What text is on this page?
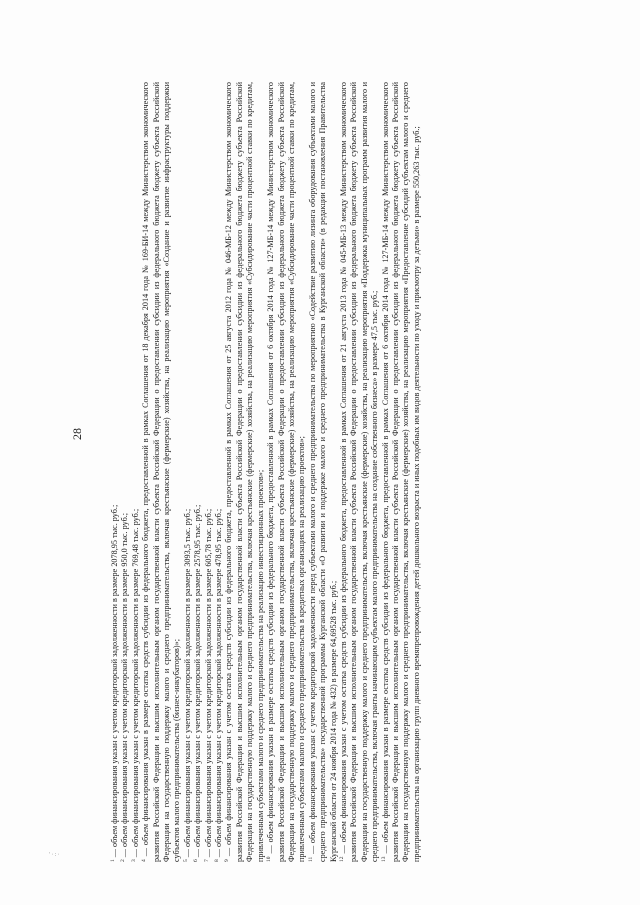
28

$^1$ — объем финансирования указан с учетом кредиторской задолженности в размере 2078,95 тыс. руб.;

$^2$ — объем финансирования указан с учетом кредиторской задолженности в размере 950,0 тыс. руб.;

$^3$ — объем финансирования указан с учетом кредиторской задолженности в размере 769,48 тыс. руб.;

$^4$ — объем финансирования указан в размере остатка средств субсидии из федерального бюджета, предоставленной в рамках Соглашения от 18 декабря 2014 года № 169-БИ-14 между Министерством экономического развития Российской Федерации и высшим исполнительным органом государственной власти субъекта Российской Федерации о предоставлении субсидии из федерального бюджета бюджету субъекта Российской Федерации на государственную поддержку малого и среднего предпринимательства, включая крестьянские (фермерские) хозяйства, на реализацию мероприятия «Создание и развитие инфраструктуры поддержки субъектов малого предпринимательства (бизнес-инкубаторов)»; $^5$ — объем финансирования указан с учетом кредиторской задолженности в размере 3093,5 тыс. руб.;

$^6$ — объем финансирования указан с учетом кредиторской задолженности в размере 2578,95 тыс. руб.;

$^7$ — объем финансирования указан с учетом кредиторской задолженности в размере 605,78 тыс. руб.;

$^8$ — объем финансирования указан с учетом кредиторской задолженности в размере 478,95 тыс. руб.;

$^9$ — объем финансирования указан с учетом остатка средств субсидии из федерального бюджета, предоставленной в рамках Соглашения от 25 августа 2012 года № 046-МБ-12 между Министерством экономического развития Российской Федерации и высшим исполнительным органом государственной власти субъекта Российской Федерации о предоставлении субсидии из федерального бюджета бюджету субъекта Российской Федерации на государственную поддержку малого и среднего предпринимательства, включая крестьянские (фермерские) хозяйства, на реализацию мероприятия «Субсидирование части процентной ставки по кредитам, привлеченным субъектами малого и среднего предпринимательства на реализацию инвестиционных проектов»; $^{10}$ — объем финансирования указан в размере остатка средств субсидии из федерального бюджета, предоставленной в рамках Соглашения от 6 октября 2014 года № 127-МБ-14 между Министерством экономического развития Российской Федерации и высшим исполнительным органом государственной власти субъекта Российской Федерации о предоставлении субсидии из федерального бюджета бюджету субъекта Российской Федерации на государственную поддержку малого и среднего предпринимательства, включая крестьянские (фермерские) хозяйства, на реализацию мероприятия «Субсидирование части процентной ставки по кредитам, привлеченным субъектами малого и среднего предпринимательства в кредитных организациях на реализацию проектов»; $^{11}$ — объем финансирования указан с учетом кредиторской задолженности перед субъектами малого и среднего предпринимательства по мероприятию «Содействие развитию лизинга оборудования субъектами малого и среднего предпринимательства» государственной программы Курганской области «О развитии и поддержке малого и среднего предпринимательства в Курганской области» (в редакции постановления Правительства Курганской области от 24 ноября 2014 года № 432) в размере 64,69528 тыс. руб.; $^{12}$ — объем финансирования указан с учетом остатка средств субсидии из федерального бюджета, предоставленной в рамках Соглашения от 21 августа 2013 года № 045-МБ-13 между Министерством экономического развития Российской Федерации и высшим исполнительным органом государственной власти субъекта Российской Федерации о предоставлении субсидии из федерального бюджета бюджету субъекта Российской Федерации на государственную поддержку малого и среднего предпринимательства, включая крестьянские (фермерские) хозяйства, на реализацию мероприятия «Поддержка муниципальных программ развития малого и среднего предпринимательства, включая гранты начинающим субъектам малого предпринимательства на создание собственного бизнеса» в размере 47,5 тыс. руб.; $^{13}$ — объем финансирования указан в размере остатка средств субсидии из федерального бюджета, предоставленной в рамках Соглашения от 6 октября 2014 года № 127-МБ-14 между Министерством экономического развития Российской Федерации и высшим исполнительным органом государственной власти субъекта Российской Федерации о предоставлении субсидии из федерального бюджета бюджету субъекта Российской Федерации на государственную поддержку малого и среднего предпринимательства, включая крестьянские (фермерские) хозяйства, на реализацию мероприятия «Предоставление субсидий субъектам малого и среднего предпринимательства на организацию групп дневного времяпрепровождения детей дошкольного возраста и иных подобных им видов деятельности по уходу и присмотру за детьми» в размере 550,263 тыс. руб.;

'·:·
